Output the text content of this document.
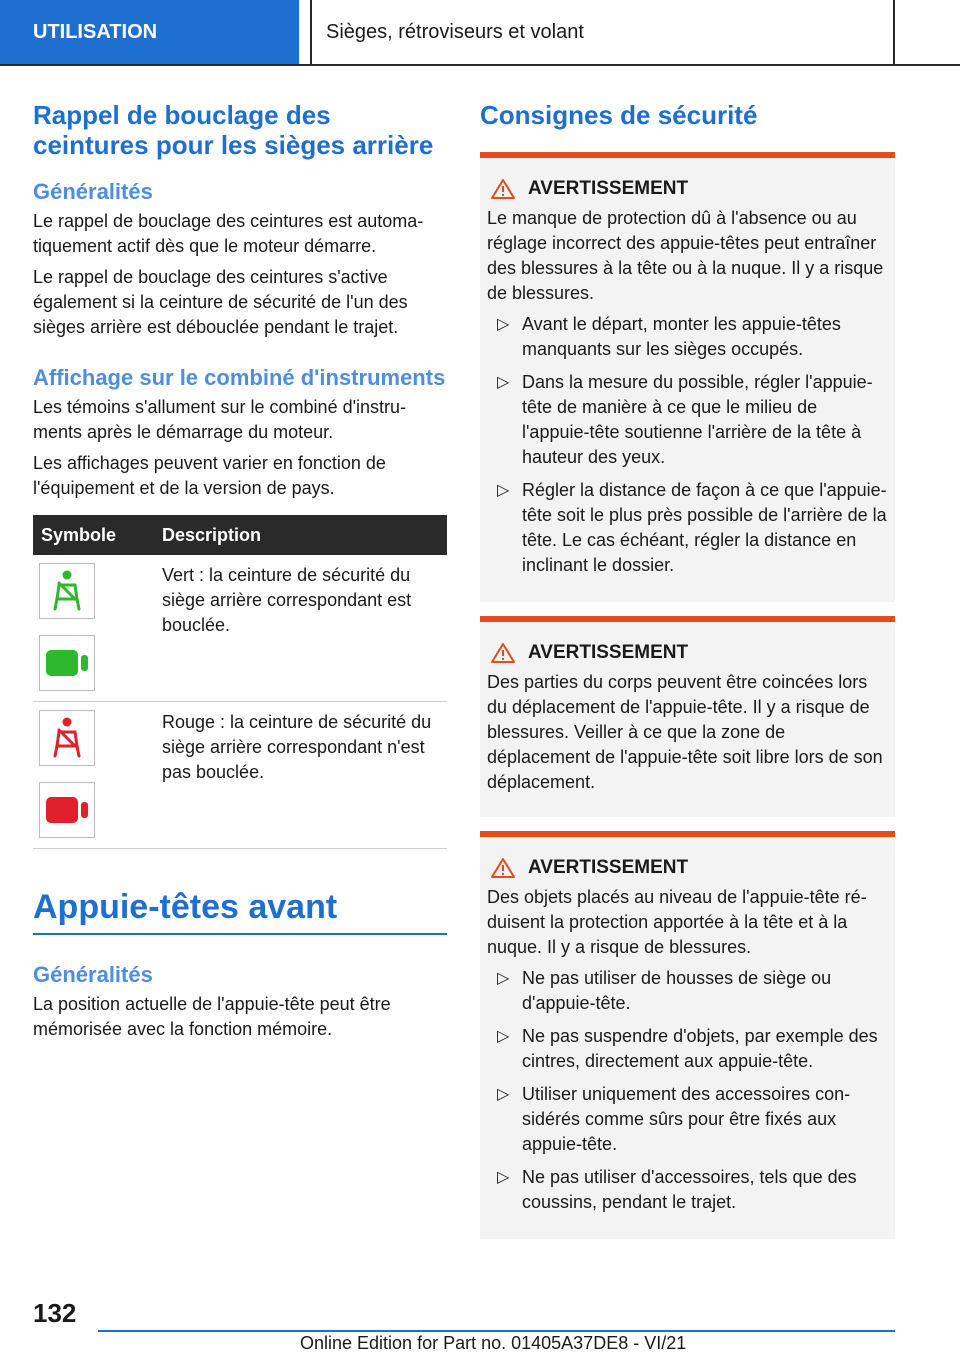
UTILISATION	Sièges, rétroviseurs et volant
Rappel de bouclage des ceintures pour les sièges arrière
Généralités

Le rappel de bouclage des ceintures est automatiquement actif dès que le moteur démarre.

Le rappel de bouclage des ceintures s'active également si la ceinture de sécurité de l'un des sièges arrière est débouclée pendant le trajet.

Affichage sur le combiné d'instruments

Les témoins s'allument sur le combiné d'instruments après le démarrage du moteur.

Les affichages peuvent varier en fonction de l'équipement et de la version de pays.

Symbole	Description

	Vert : la ceinture de sécurité du siège arrière correspondant est bouclée.

	Rouge : la ceinture de sécurité du siège arrière correspondant n'est pas bouclée.
Appuie-têtes avant
Généralités

La position actuelle de l'appuie-tête peut être mémorisée avec la fonction mémoire.

Consignes de sécurité
AVERTISSEMENT

Le manque de protection dû à l'absence ou au réglage incorrect des appuie-têtes peut entraîner des blessures à la tête ou à la nuque. Il y a risque de blessures.

▷ Avant le départ, monter les appuie-têtes manquants sur les sièges occupés.
▷ Dans la mesure du possible, régler l'appuie-tête de manière à ce que le milieu de l'appuie-tête soutienne l'arrière de la tête à hauteur des yeux.
▷ Régler la distance de façon à ce que l'appuie-tête soit le plus près possible de l'arrière de la tête. Le cas échéant, régler la distance en inclinant le dossier.
AVERTISSEMENT

Des parties du corps peuvent être coincées lors du déplacement de l'appuie-tête. Il y a risque de blessures. Veiller à ce que la zone de déplacement de l'appuie-tête soit libre lors de son déplacement.

AVERTISSEMENT

Des objets placés au niveau de l'appuie-tête réduisent la protection apportée à la tête et à la nuque. Il y a risque de blessures.

▷ Ne pas utiliser de housses de siège ou d'appuie-tête.
▷ Ne pas suspendre d'objets, par exemple des cintres, directement aux appuie-tête.
▷ Utiliser uniquement des accessoires considérés comme sûrs pour être fixés aux appuie-tête.
▷ Ne pas utiliser d'accessoires, tels que des coussins, pendant le trajet.
132
Online Edition for Part no. 01405A37DE8 - VI/21
